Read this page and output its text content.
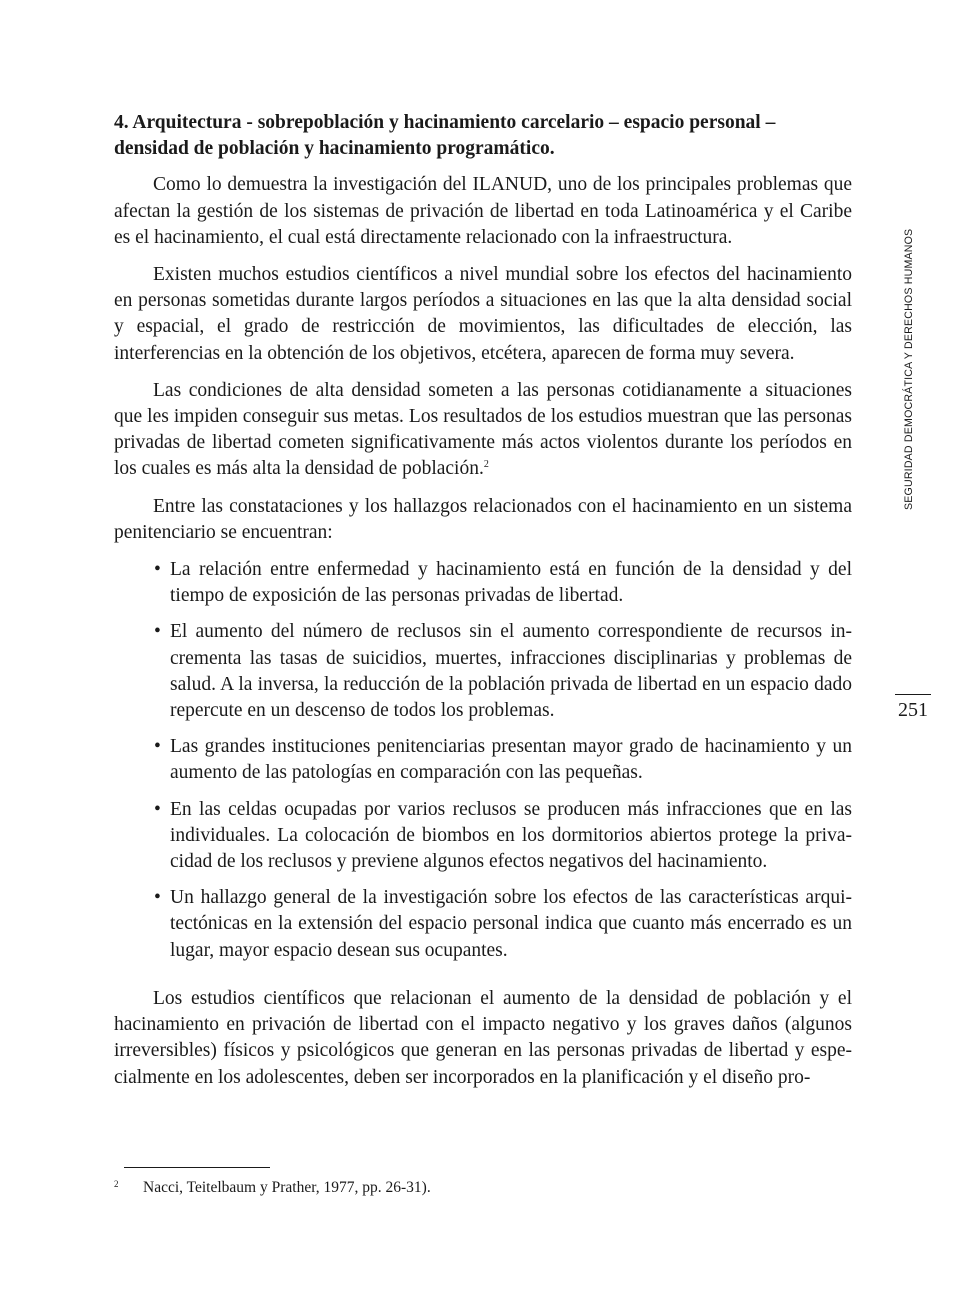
4. Arquitectura - sobrepoblación y hacinamiento carcelario – espacio personal – densidad de población y hacinamiento programático.

Como lo demuestra la investigación del ILANUD, uno de los principales problemas que afectan la gestión de los sistemas de privación de libertad en toda Latinoamérica y el Caribe es el hacinamiento, el cual está directamente relacionado con la infraestructura.

Existen muchos estudios científicos a nivel mundial sobre los efectos del hacinamiento en personas sometidas durante largos períodos a situaciones en las que la alta densidad social y espacial, el grado de restricción de movimientos, las dificultades de elección, las interferencias en la obtención de los objetivos, etcétera, aparecen de forma muy severa.

Las condiciones de alta densidad someten a las personas cotidianamente a situaciones que les impiden conseguir sus metas. Los resultados de los estudios muestran que las personas privadas de libertad cometen significativamente más actos violentos durante los períodos en los cuales es más alta la densidad de población.$^2$

Entre las constataciones y los hallazgos relacionados con el hacinamiento en un sistema penitenciario se encuentran:

• La relación entre enfermedad y hacinamiento está en función de la densidad y del tiempo de exposición de las personas privadas de libertad.
• El aumento del número de reclusos sin el aumento correspondiente de recursos incrementa las tasas de suicidios, muertes, infracciones disciplinarias y problemas de salud. A la inversa, la reducción de la población privada de libertad en un espacio dado repercute en un descenso de todos los problemas.
• Las grandes instituciones penitenciarias presentan mayor grado de hacinamiento y un aumento de las patologías en comparación con las pequeñas.
• En las celdas ocupadas por varios reclusos se producen más infracciones que en las individuales. La colocación de biombos en los dormitorios abiertos protege la privacidad de los reclusos y previene algunos efectos negativos del hacinamiento.
• Un hallazgo general de la investigación sobre los efectos de las características arquitectónicas en la extensión del espacio personal indica que cuanto más encerrado es un lugar, mayor espacio desean sus ocupantes.

Los estudios científicos que relacionan el aumento de la densidad de población y el hacinamiento en privación de libertad con el impacto negativo y los graves daños (algunos irreversibles) físicos y psicológicos que generan en las personas privadas de libertad y especialmente en los adolescentes, deben ser incorporados en la planificación y el diseño pro-

SEGURIDAD DEMOCRÁTICA Y DERECHOS HUMANOS
251
2 Nacci, Teitelbaum y Prather, 1977, pp. 26-31).
